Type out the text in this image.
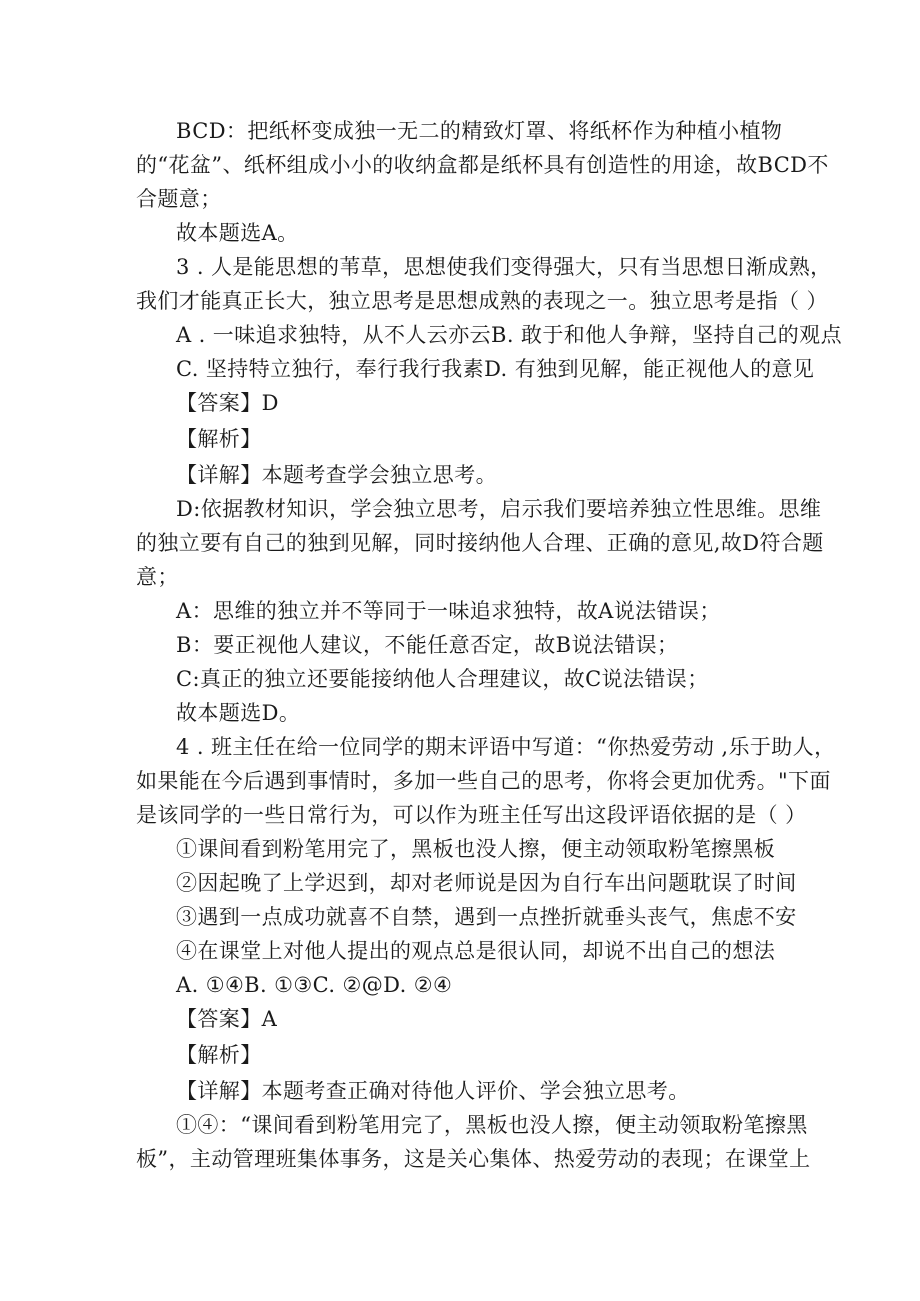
BCD：把纸杯变成独一无二的精致灯罩、将纸杯作为种植小植物
的“花盆”、纸杯组成小小的收纳盒都是纸杯具有创造性的用途，故BCD不
合题意；
故本题选A。
3 . 人是能思想的苇草，思想使我们变得强大，只有当思想日渐成熟，
我们才能真正长大，独立思考是思想成熟的表现之一。独立思考是指（ ）
A . 一味追求独特，从不人云亦云B. 敢于和他人争辩，坚持自己的观点
C. 坚持特立独行，奉行我行我素D. 有独到见解，能正视他人的意见
【答案】D
【解析】
【详解】本题考查学会独立思考。
D:依据教材知识，学会独立思考，启示我们要培养独立性思维。思维
的独立要有自己的独到见解，同时接纳他人合理、正确的意见,故D符合题
意；
A：思维的独立并不等同于一味追求独特，故A说法错误；
B：要正视他人建议，不能任意否定，故B说法错误；
C:真正的独立还要能接纳他人合理建议，故C说法错误；
故本题选D。
4 . 班主任在给一位同学的期末评语中写道：“你热爱劳动 ,乐于助人，
如果能在今后遇到事情时，多加一些自己的思考，你将会更加优秀。"下面
是该同学的一些日常行为，可以作为班主任写出这段评语依据的是（ ）
①课间看到粉笔用完了，黑板也没人擦，便主动领取粉笔擦黑板
②因起晚了上学迟到，却对老师说是因为自行车出问题耽误了时间
③遇到一点成功就喜不自禁，遇到一点挫折就垂头丧气，焦虑不安
④在课堂上对他人提出的观点总是很认同，却说不出自己的想法
A. ①④B. ①③C. ②@D. ②④
【答案】A
【解析】
【详解】本题考查正确对待他人评价、学会独立思考。
①④：“课间看到粉笔用完了，黑板也没人擦，便主动领取粉笔擦黑
板”，主动管理班集体事务，这是关心集体、热爱劳动的表现；在课堂上
